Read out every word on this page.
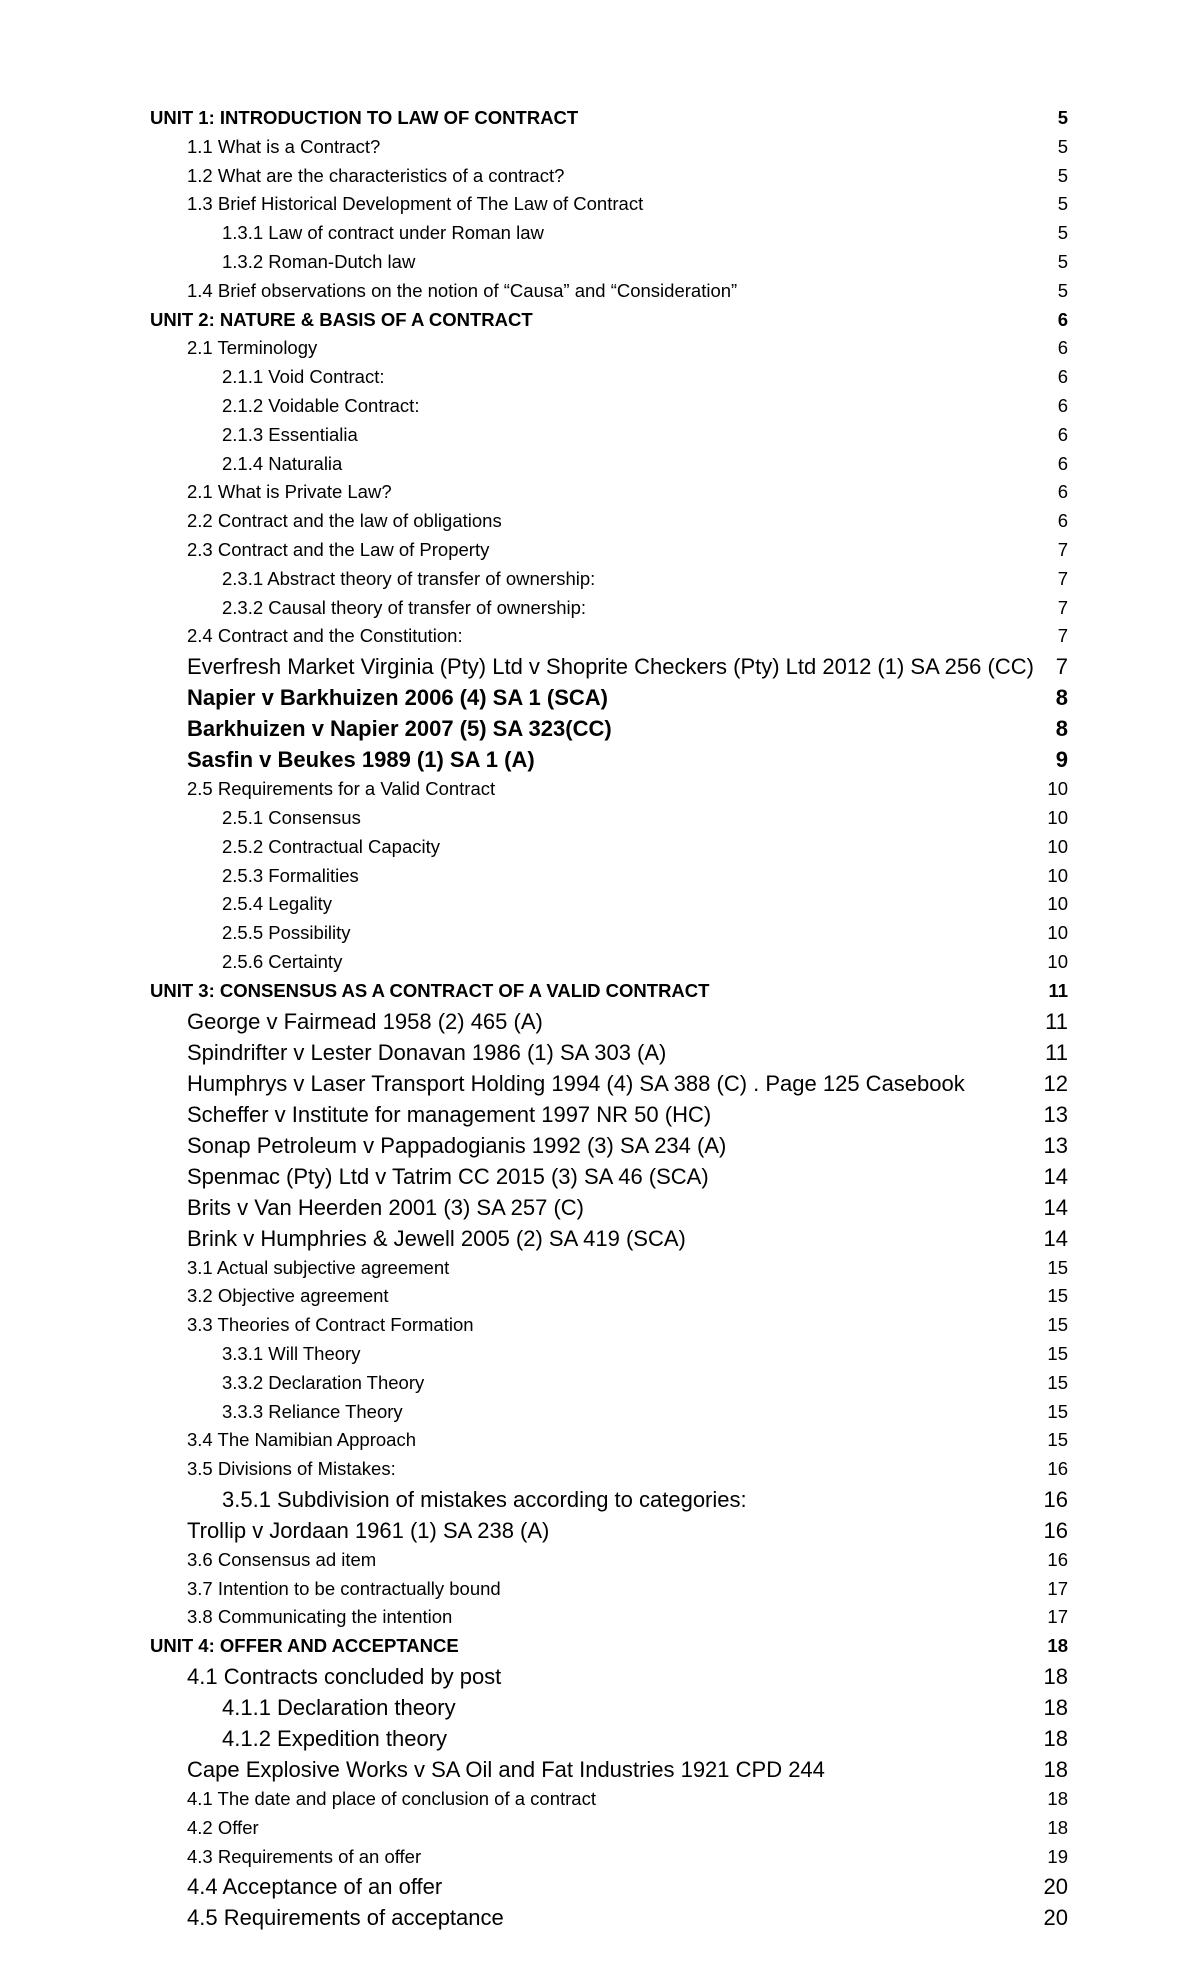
UNIT 1: INTRODUCTION TO LAW OF CONTRACT	5
1.1 What is a Contract?	5
1.2 What are the characteristics of a contract?	5
1.3 Brief Historical Development of The Law of Contract	5
1.3.1 Law of contract under Roman law	5
1.3.2 Roman-Dutch law	5
1.4 Brief observations on the notion of “Causa” and “Consideration”	5
UNIT 2: NATURE & BASIS OF A CONTRACT	6
2.1 Terminology	6
2.1.1 Void Contract:	6
2.1.2 Voidable Contract:	6
2.1.3 Essentialia	6
2.1.4 Naturalia	6
2.1 What is Private Law?	6
2.2 Contract and the law of obligations	6
2.3 Contract and the Law of Property	7
2.3.1 Abstract theory of transfer of ownership:	7
2.3.2 Causal theory of transfer of ownership:	7
2.4 Contract and the Constitution:	7
Everfresh Market Virginia (Pty) Ltd v Shoprite Checkers (Pty) Ltd 2012 (1) SA 256 (CC) 7
Napier v Barkhuizen 2006 (4) SA 1 (SCA)	8
Barkhuizen v Napier 2007 (5) SA 323(CC)	8
Sasfin v Beukes 1989 (1) SA 1 (A)	9
2.5 Requirements for a Valid Contract	10
2.5.1 Consensus	10
2.5.2 Contractual Capacity	10
2.5.3 Formalities	10
2.5.4 Legality	10
2.5.5 Possibility	10
2.5.6 Certainty	10
UNIT 3: CONSENSUS AS A CONTRACT OF A VALID CONTRACT	11
George v Fairmead 1958 (2) 465 (A)	11
Spindrifter v Lester Donavan 1986 (1) SA 303 (A)	11
Humphrys v Laser Transport Holding 1994 (4) SA 388 (C) . Page 125 Casebook	12
Scheffer v Institute for management 1997 NR 50 (HC)	13
Sonap Petroleum v Pappadogianis 1992 (3) SA 234 (A)	13
Spenmac (Pty) Ltd v Tatrim CC 2015 (3) SA 46 (SCA)	14
Brits v Van Heerden 2001 (3) SA 257 (C)	14
Brink v Humphries & Jewell 2005 (2) SA 419 (SCA)	14
3.1 Actual subjective agreement	15
3.2 Objective agreement	15
3.3 Theories of Contract Formation	15
3.3.1 Will Theory	15
3.3.2 Declaration Theory	15
3.3.3 Reliance Theory	15
3.4 The Namibian Approach	15
3.5 Divisions of Mistakes:	16
3.5.1 Subdivision of mistakes according to categories:	16
Trollip v Jordaan 1961 (1) SA 238 (A)	16
3.6 Consensus ad item	16
3.7 Intention to be contractually bound	17
3.8 Communicating the intention	17
UNIT 4: OFFER AND ACCEPTANCE	18
4.1 Contracts concluded by post	18
4.1.1 Declaration theory	18
4.1.2 Expedition theory	18
Cape Explosive Works v SA Oil and Fat Industries 1921 CPD 244	18
4.1 The date and place of conclusion of a contract	18
4.2 Offer	18
4.3 Requirements of an offer	19
4.4 Acceptance of an offer	20
4.5 Requirements of acceptance	20
